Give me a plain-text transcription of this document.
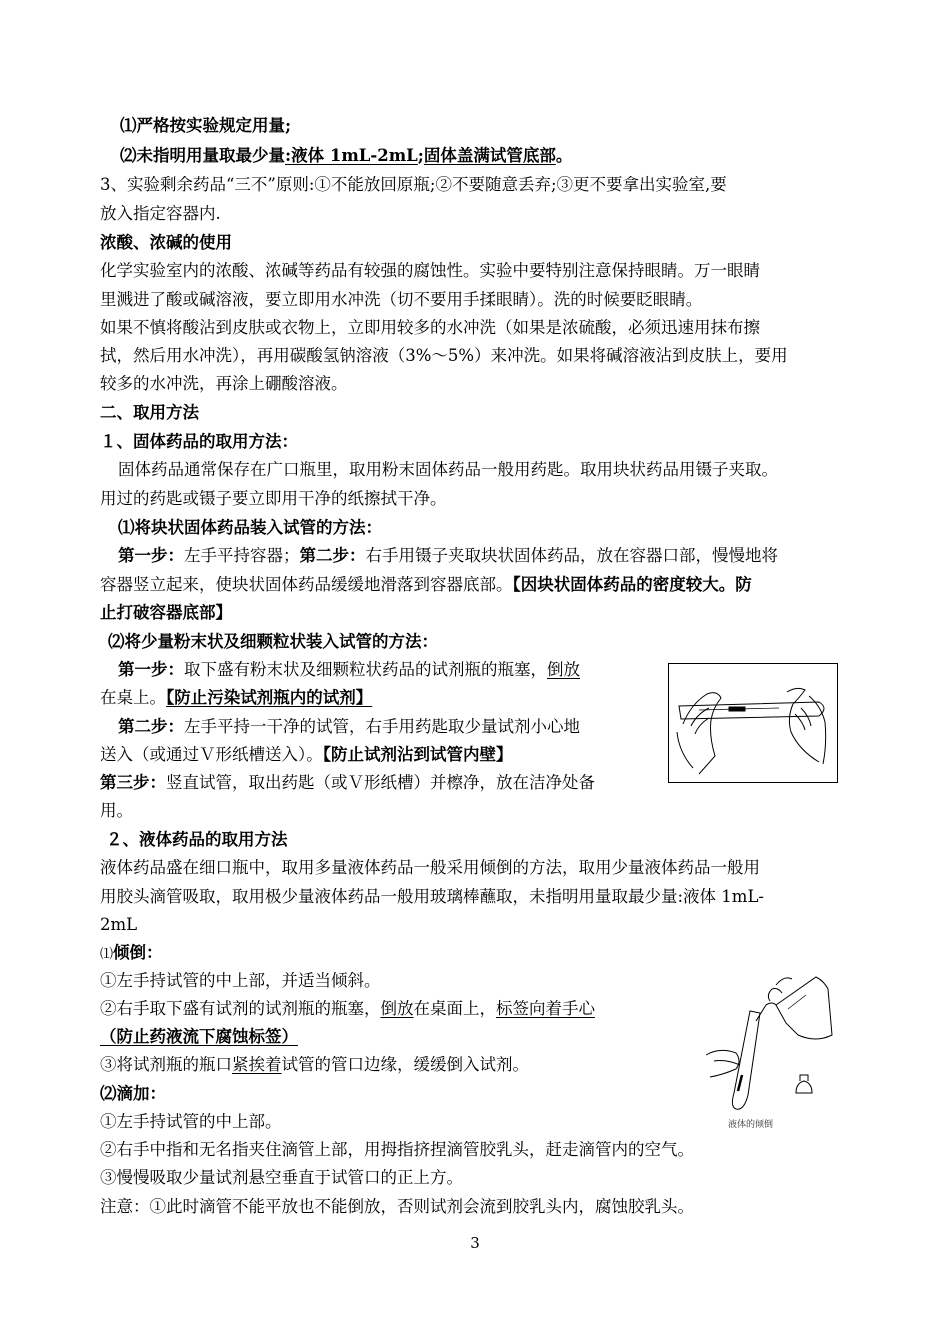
⑴严格按实验规定用量;
⑵未指明用量取最少量:液体 1mL-2mL;固体盖满试管底部。
3、实验剩余药品“三不”原则:①不能放回原瓶;②不要随意丢弃;③更不要拿出实验室,要
放入指定容器内.
浓酸、浓碱的使用
化学实验室内的浓酸、浓碱等药品有较强的腐蚀性。实验中要特别注意保持眼睛。万一眼睛
里溅进了酸或碱溶液，要立即用水冲洗（切不要用手揉眼睛）。洗的时候要眨眼睛。
如果不慎将酸沾到皮肤或衣物上，立即用较多的水冲洗（如果是浓硫酸，必须迅速用抹布擦
拭，然后用水冲洗），再用碳酸氢钠溶液（3%～5%）来冲洗。如果将碱溶液沾到皮肤上，要用
较多的水冲洗，再涂上硼酸溶液。
二、取用方法
１、固体药品的取用方法：
固体药品通常保存在广口瓶里，取用粉末固体药品一般用药匙。取用块状药品用镊子夹取。
用过的药匙或镊子要立即用干净的纸擦拭干净。
⑴将块状固体药品装入试管的方法：
第一步：左手平持容器；第二步：右手用镊子夹取块状固体药品，放在容器口部，慢慢地将
容器竖立起来，使块状固体药品缓缓地滑落到容器底部。【因块状固体药品的密度较大。防
止打破容器底部】
⑵将少量粉末状及细颗粒状装入试管的方法：
第一步：取下盛有粉末状及细颗粒状药品的试剂瓶的瓶塞，倒放
在桌上。【防止污染试剂瓶内的试剂】
第二步：左手平持一干净的试管，右手用药匙取少量试剂小心地
送入（或通过Ｖ形纸槽送入）。【防止试剂沾到试管内壁】
第三步：竖直试管，取出药匙（或Ｖ形纸槽）并檫净，放在洁净处备
用。
２、液体药品的取用方法
液体药品盛在细口瓶中，取用多量液体药品一般采用倾倒的方法，取用少量液体药品一般用
用胶头滴管吸取，取用极少量液体药品一般用玻璃棒蘸取，未指明用量取最少量:液体 1mL-
2mL
⑴倾倒：
①左手持试管的中上部，并适当倾斜。
②右手取下盛有试剂的试剂瓶的瓶塞，倒放在桌面上，标签向着手心
（防止药液流下腐蚀标签）
③将试剂瓶的瓶口紧挨着试管的管口边缘，缓缓倒入试剂。
⑵滴加：
①左手持试管的中上部。
②右手中指和无名指夹住滴管上部，用拇指挤捏滴管胶乳头，赶走滴管内的空气。
③慢慢吸取少量试剂悬空垂直于试管口的正上方。
注意：①此时滴管不能平放也不能倒放，否则试剂会流到胶乳头内，腐蚀胶乳头。
液体的倾倒
3
